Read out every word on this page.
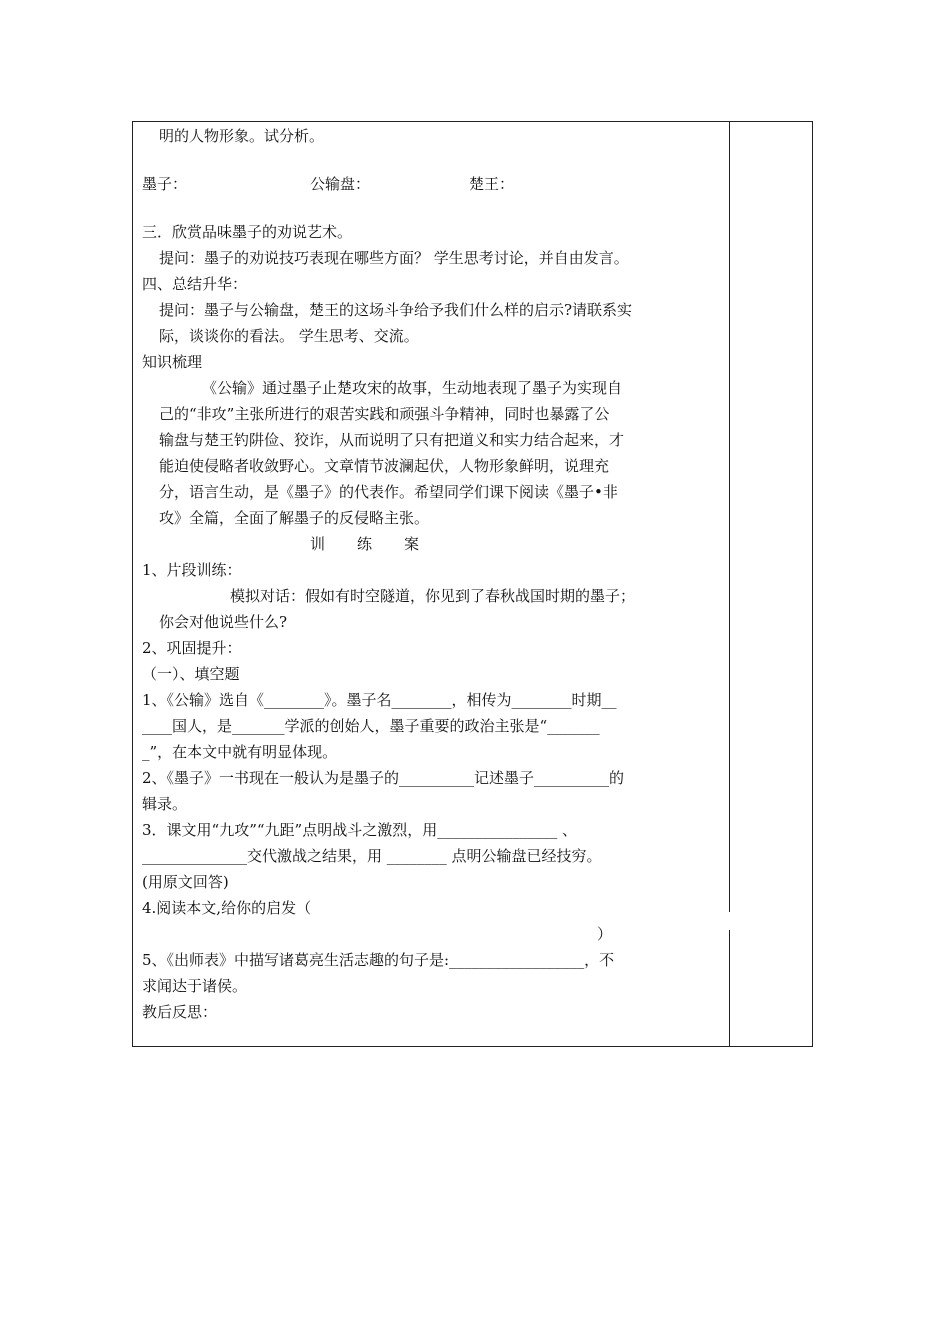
明的人物形象。试分析。

墨子：	公输盘：	楚王：

三．欣赏品味墨子的劝说艺术。

提问：墨子的劝说技巧表现在哪些方面？ 学生思考讨论，并自由发言。

四、总结升华：

提问：墨子与公输盘，楚王的这场斗争给予我们什么样的启示?请联系实

际，谈谈你的看法。 学生思考、交流。

知识梳理

《公输》通过墨子止楚攻宋的故事，生动地表现了墨子为实现自

己的“非攻”主张所进行的艰苦实践和顽强斗争精神，同时也暴露了公

输盘与楚王钓阱俭、狡诈，从而说明了只有把道义和实力结合起来，才

能迫使侵略者收敛野心。文章情节波澜起伏，人物形象鲜明，说理充

分，语言生动，是《墨子》的代表作。希望同学们课下阅读《墨子•非

攻》全篇，全面了解墨子的反侵略主张。

训练案

1、片段训练：

模拟对话：假如有时空隧道，你见到了春秋战国时期的墨子；

你会对他说些什么?

2、巩固提升：

（一）、填空题

1、《公输》选自《________》。墨子名________，相传为________时期__

____国人，是_______学派的创始人，墨子重要的政治主张是“_______

_”，在本文中就有明显体现。

2、《墨子》一书现在一般认为是墨子的__________记述墨子__________的

辑录。

3．课文用“九攻”“九距”点明战斗之激烈，用________________ 、

______________交代激战之结果，用 ________ 点明公输盘已经技穷。

(用原文回答)

4.阅读本文,给你的启发（

）

5、《出师表》中描写诸葛亮生活志趣的句子是:__________________，不

求闻达于诸侯。

教后反思：
